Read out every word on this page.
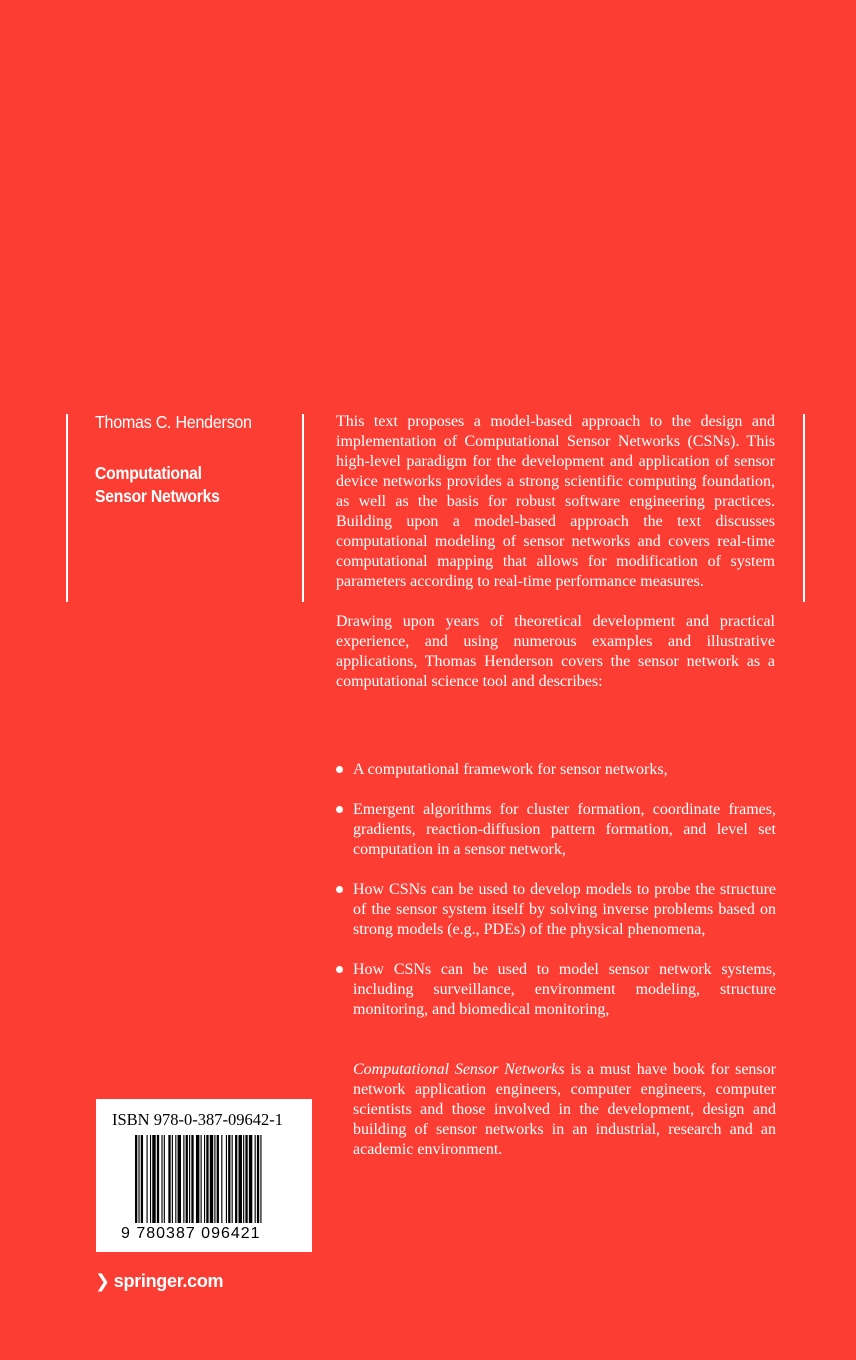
Thomas C. Henderson
Computational
Sensor Networks

This text proposes a model-based approach to the design and implementation of Computational Sensor Networks (CSNs). This high-level paradigm for the development and application of sensor device networks provides a strong scientific computing foundation, as well as the basis for robust software engineering practices. Building upon a model-based approach the text discusses computational modeling of sensor networks and covers real-time computational mapping that allows for modification of system parameters according to real-time performance measures.

Drawing upon years of theoretical development and practical experience, and using numerous examples and illustrative applications, Thomas Henderson covers the sensor network as a computational science tool and describes:

A computational framework for sensor networks,
Emergent algorithms for cluster formation, coordinate frames, gradients, reaction-diffusion pattern formation, and level set computation in a sensor network,
How CSNs can be used to develop models to probe the structure of the sensor system itself by solving inverse problems based on strong models (e.g., PDEs) of the physical phenomena,
How CSNs can be used to model sensor network systems, including surveillance, environment modeling, structure monitoring, and biomedical monitoring,

Computational Sensor Networks is a must have book for sensor network application engineers, computer engineers, computer scientists and those involved in the development, design and building of sensor networks in an industrial, research and an academic environment.

ISBN 978-0-387-09642-1
9 780387 096421
❯ springer.com
